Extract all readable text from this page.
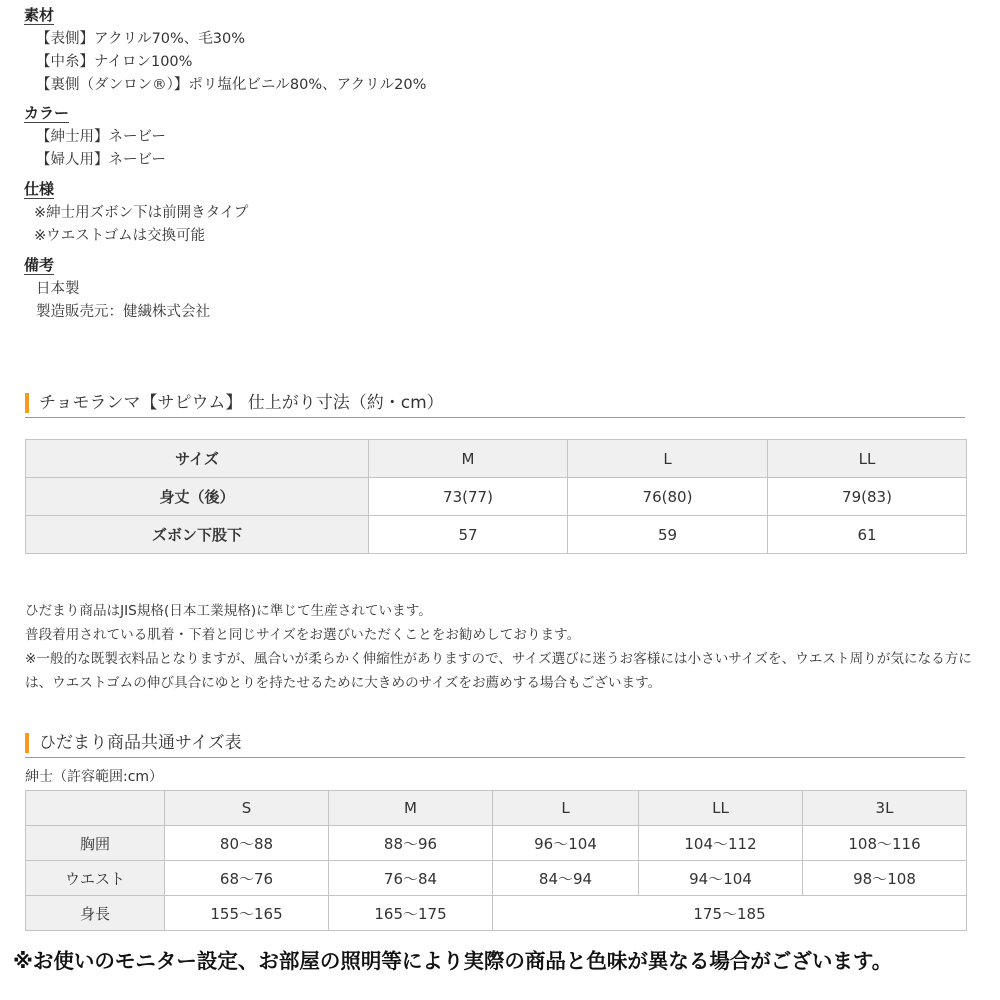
素材
【表側】アクリル70%、毛30%
【中糸】ナイロン100%
【裏側（ダンロン®）】ポリ塩化ビニル80%、アクリル20%
カラー
【紳士用】ネービー
【婦人用】ネービー
仕様
※紳士用ズボン下は前開きタイプ
※ウエストゴムは交換可能
備考
日本製
製造販売元：健繊株式会社
チョモランマ【サピウム】 仕上がり寸法（約・cm）
サイズ	M	L	LL
身丈（後）	73(77)	76(80)	79(83)
ズボン下股下	57	59	61
ひだまり商品はJIS規格(日本工業規格)に準じて生産されています。
普段着用されている肌着・下着と同じサイズをお選びいただくことをお勧めしております。
※一般的な既製衣料品となりますが、風合いが柔らかく伸縮性がありますので、サイズ選びに迷うお客様には小さいサイズを、ウエスト周りが気になる方には、ウエストゴムの伸び具合にゆとりを持たせるために大きめのサイズをお薦めする場合もございます。
ひだまり商品共通サイズ表
紳士（許容範囲:cm）
	S	M	L	LL	3L
胸囲	80〜88	88〜96	96〜104	104〜112	108〜116
ウエスト	68〜76	76〜84	84〜94	94〜104	98〜108
身長	155〜165	165〜175	175〜185		
※お使いのモニター設定、お部屋の照明等により実際の商品と色味が異なる場合がございます。
